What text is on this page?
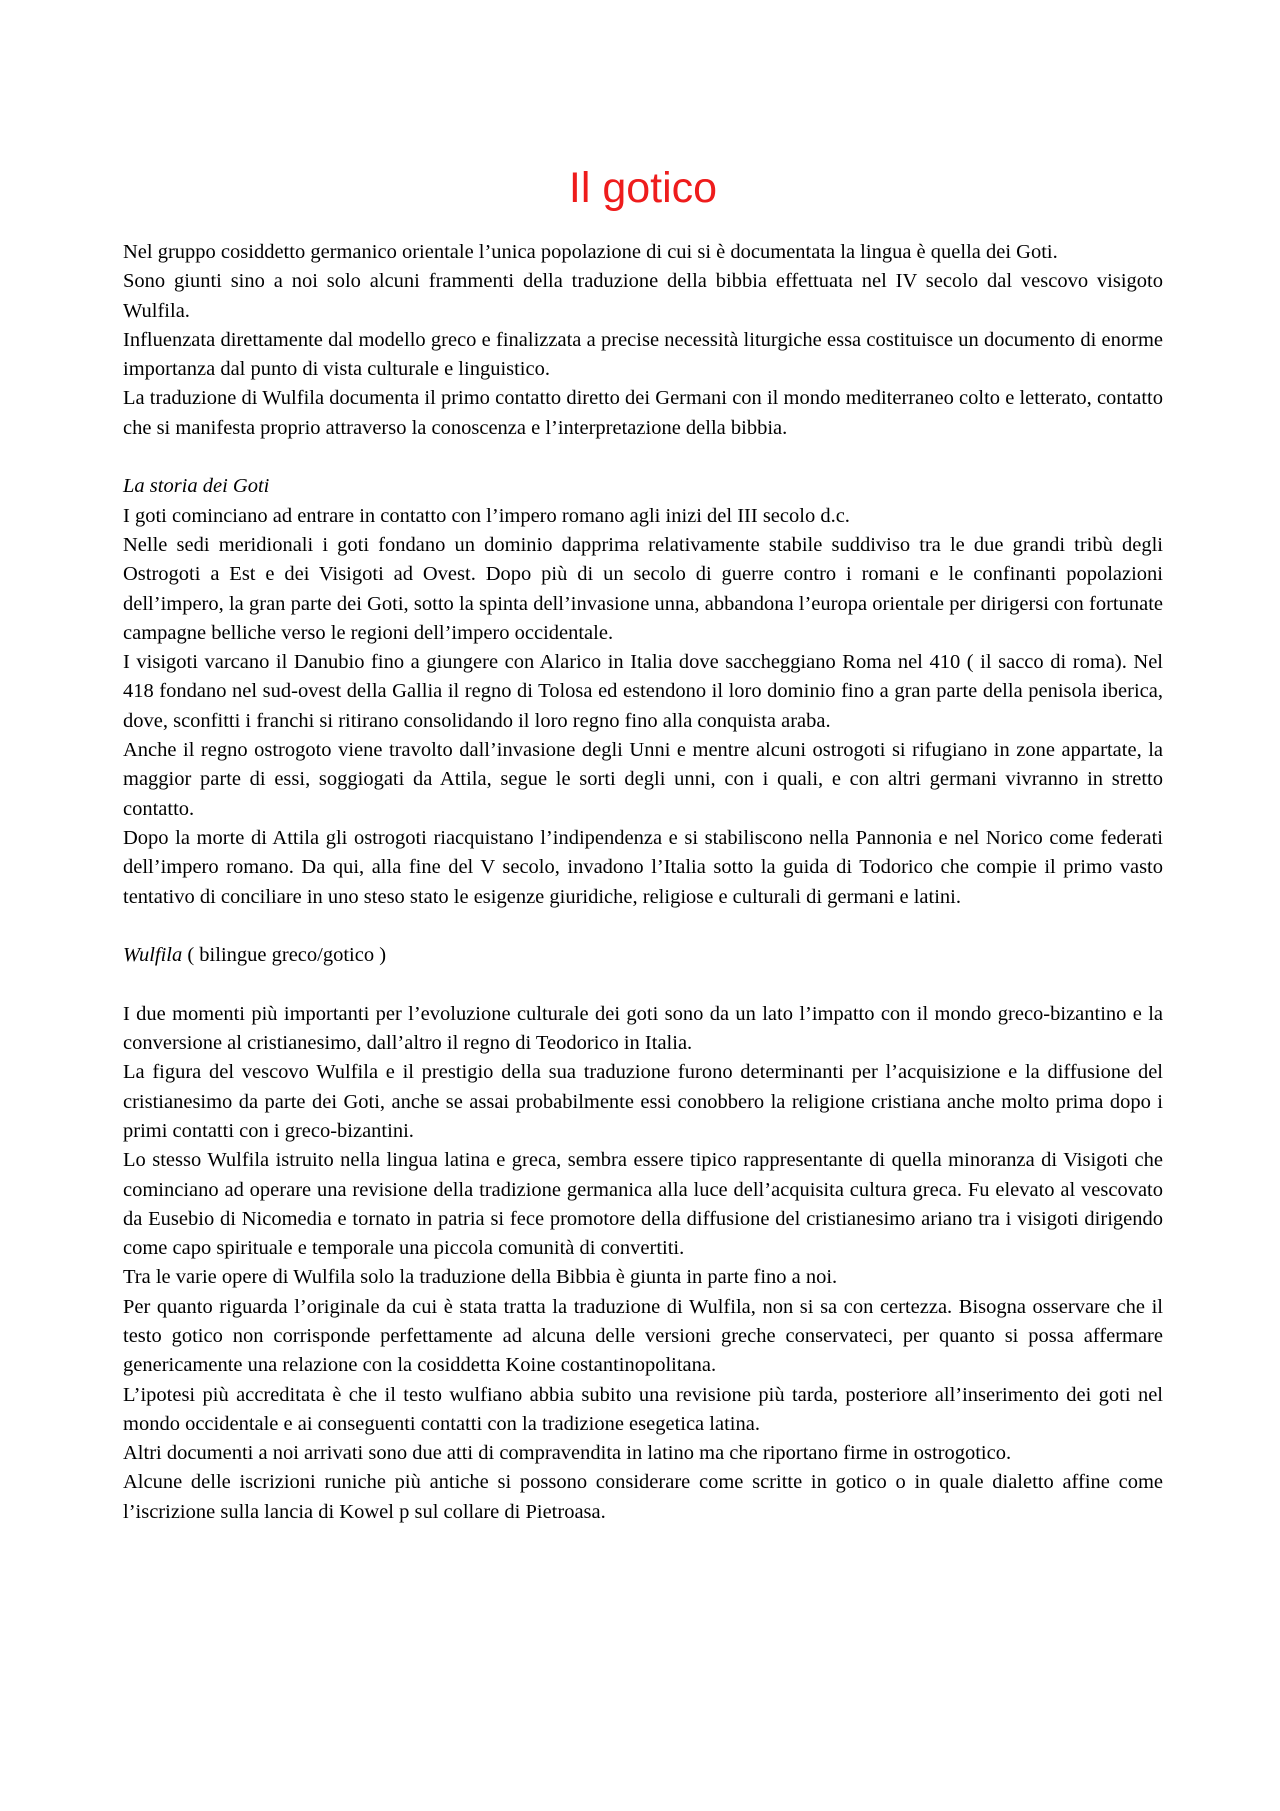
Il gotico

Nel gruppo cosiddetto germanico orientale l’unica popolazione di cui si è documentata la lingua è quella dei Goti.

Sono giunti sino a noi solo alcuni frammenti della traduzione della bibbia effettuata nel IV secolo dal vescovo visigoto Wulfila.

Influenzata direttamente dal modello greco e finalizzata a precise necessità liturgiche essa costituisce un documento di enorme importanza dal punto di vista culturale e linguistico.

La traduzione di Wulfila documenta il primo contatto diretto dei Germani con il mondo mediterraneo colto e letterato, contatto che si manifesta proprio attraverso la conoscenza e l’interpretazione della bibbia.

La storia dei Goti

I goti cominciano ad entrare in contatto con l’impero romano agli inizi del III secolo d.c.

Nelle sedi meridionali i goti fondano un dominio dapprima relativamente stabile suddiviso tra le due grandi tribù degli Ostrogoti a Est e dei Visigoti ad Ovest. Dopo più di un secolo di guerre contro i romani e le confinanti popolazioni dell’impero, la gran parte dei Goti, sotto la spinta dell’invasione unna, abbandona l’europa orientale per dirigersi con fortunate campagne belliche verso le regioni dell’impero occidentale.

I visigoti varcano il Danubio fino a giungere con Alarico in Italia dove saccheggiano Roma nel 410 ( il sacco di roma). Nel 418 fondano nel sud-ovest della Gallia il regno di Tolosa ed estendono il loro dominio fino a gran parte della penisola iberica, dove, sconfitti i franchi si ritirano consolidando il loro regno fino alla conquista araba.

Anche il regno ostrogoto viene travolto dall’invasione degli Unni e mentre alcuni ostrogoti si rifugiano in zone appartate, la maggior parte di essi, soggiogati da Attila, segue le sorti degli unni, con i quali, e con altri germani vivranno in stretto contatto.

Dopo la morte di Attila gli ostrogoti riacquistano l’indipendenza e si stabiliscono nella Pannonia e nel Norico come federati dell’impero romano. Da qui, alla fine del V secolo, invadono l’Italia sotto la guida di Todorico che compie il primo vasto tentativo di conciliare in uno steso stato le esigenze giuridiche, religiose e culturali di germani e latini.

Wulfila ( bilingue greco/gotico )

I due momenti più importanti per l’evoluzione culturale dei goti sono da un lato l’impatto con il mondo greco-bizantino e la conversione al cristianesimo, dall’altro il regno di Teodorico in Italia.

La figura del vescovo Wulfila e il prestigio della sua traduzione furono determinanti per l’acquisizione e la diffusione del cristianesimo da parte dei Goti, anche se assai probabilmente essi conobbero la religione cristiana anche molto prima dopo i primi contatti con i greco-bizantini.

Lo stesso Wulfila istruito nella lingua latina e greca, sembra essere tipico rappresentante di quella minoranza di Visigoti che cominciano ad operare una revisione della tradizione germanica alla luce dell’acquisita cultura greca. Fu elevato al vescovato da Eusebio di Nicomedia e tornato in patria si fece promotore della diffusione del cristianesimo ariano tra i visigoti dirigendo come capo spirituale e temporale una piccola comunità di convertiti.

Tra le varie opere di Wulfila solo la traduzione della Bibbia è giunta in parte fino a noi.

Per quanto riguarda l’originale da cui è stata tratta la traduzione di Wulfila, non si sa con certezza. Bisogna osservare che il testo gotico non corrisponde perfettamente ad alcuna delle versioni greche conservateci, per quanto si possa affermare genericamente una relazione con la cosiddetta Koine costantinopolitana.

L’ipotesi più accreditata è che il testo wulfiano abbia subito una revisione più tarda, posteriore all’inserimento dei goti nel mondo occidentale e ai conseguenti contatti con la tradizione esegetica latina.

Altri documenti a noi arrivati sono due atti di compravendita in latino ma che riportano firme in ostrogotico.

Alcune delle iscrizioni runiche più antiche si possono considerare come scritte in gotico o in quale dialetto affine come l’iscrizione sulla lancia di Kowel p sul collare di Pietroasa.
